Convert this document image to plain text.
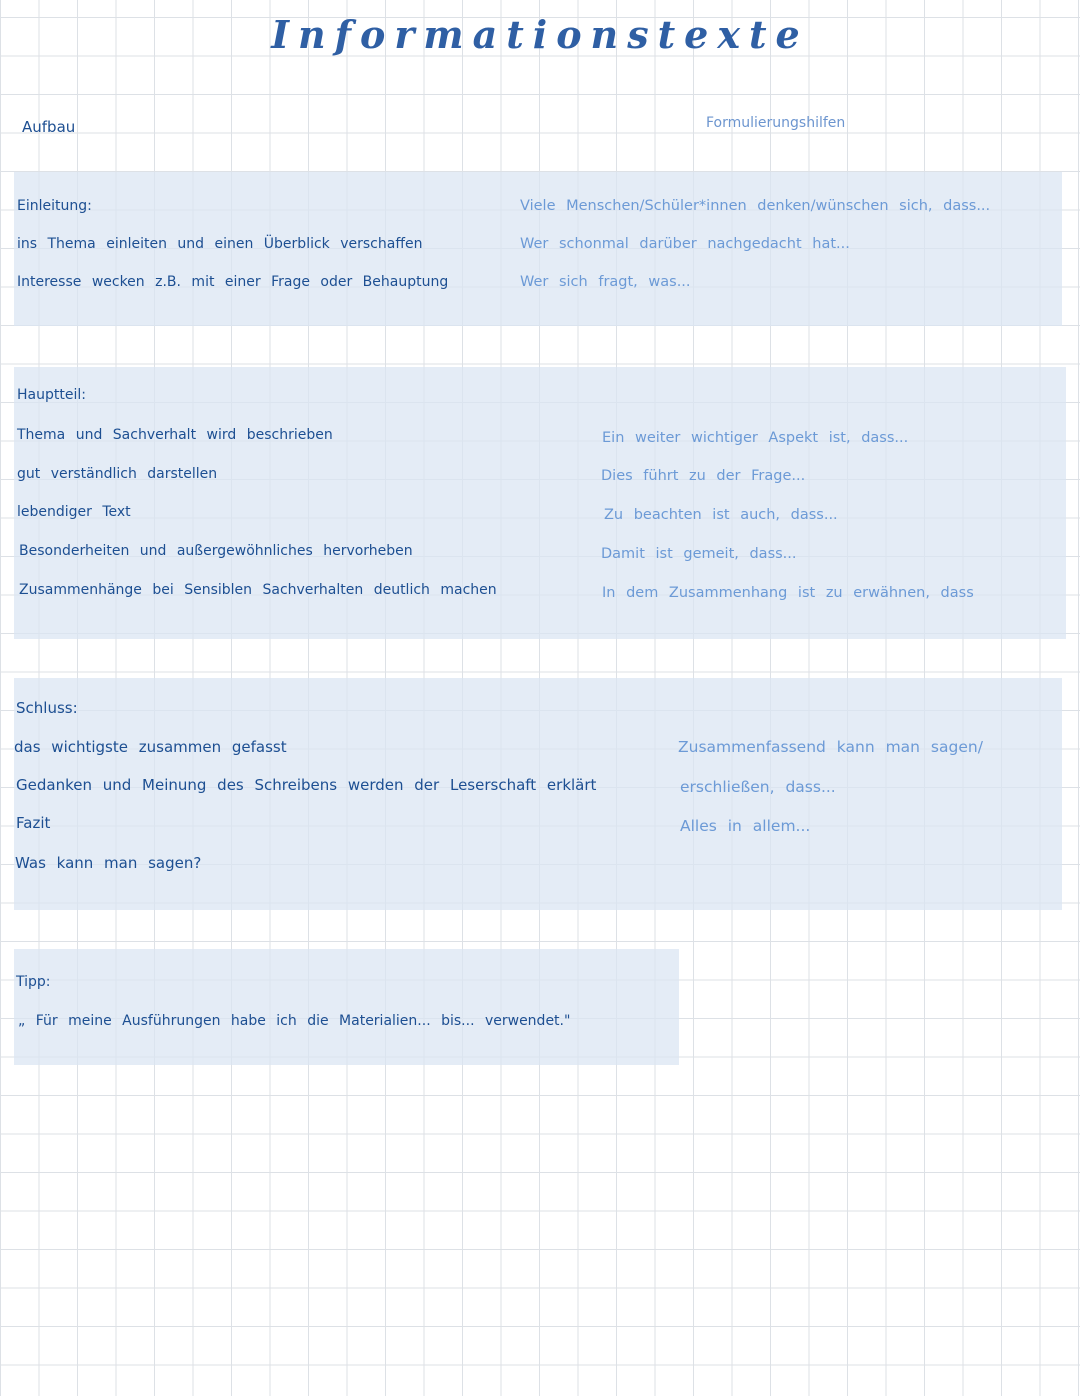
Informationstexte
Aufbau	Formulierungshilfen
Einleitung:
ins Thema einleiten und einen Überblick verschaffen
Interesse wecken z.B. mit einer Frage oder Behauptung
Viele Menschen/Schüler*innen denken/wünschen sich, dass...
Wer schonmal darüber nachgedacht hat...
Wer sich fragt, was...
Hauptteil:
Thema und Sachverhalt wird beschrieben
gut verständlich darstellen
lebendiger Text
Besonderheiten und außergewöhnliches hervorheben
Zusammenhänge bei Sensiblen Sachverhalten deutlich machen
Ein weiter wichtiger Aspekt ist, dass...
Dies führt zu der Frage...
Zu beachten ist auch, dass...
Damit ist gemeit, dass...
In dem Zusammenhang ist zu erwähnen, dass
Schluss:
das wichtigste zusammen gefasst
Gedanken und Meinung des Schreibens werden der Leserschaft erklärt
Fazit
Was kann man sagen?
Zusammenfassend kann man sagen/
erschließen, dass...
Alles in allem...
Tipp:
„ Für meine Ausführungen habe ich die Materialien... bis... verwendet."
